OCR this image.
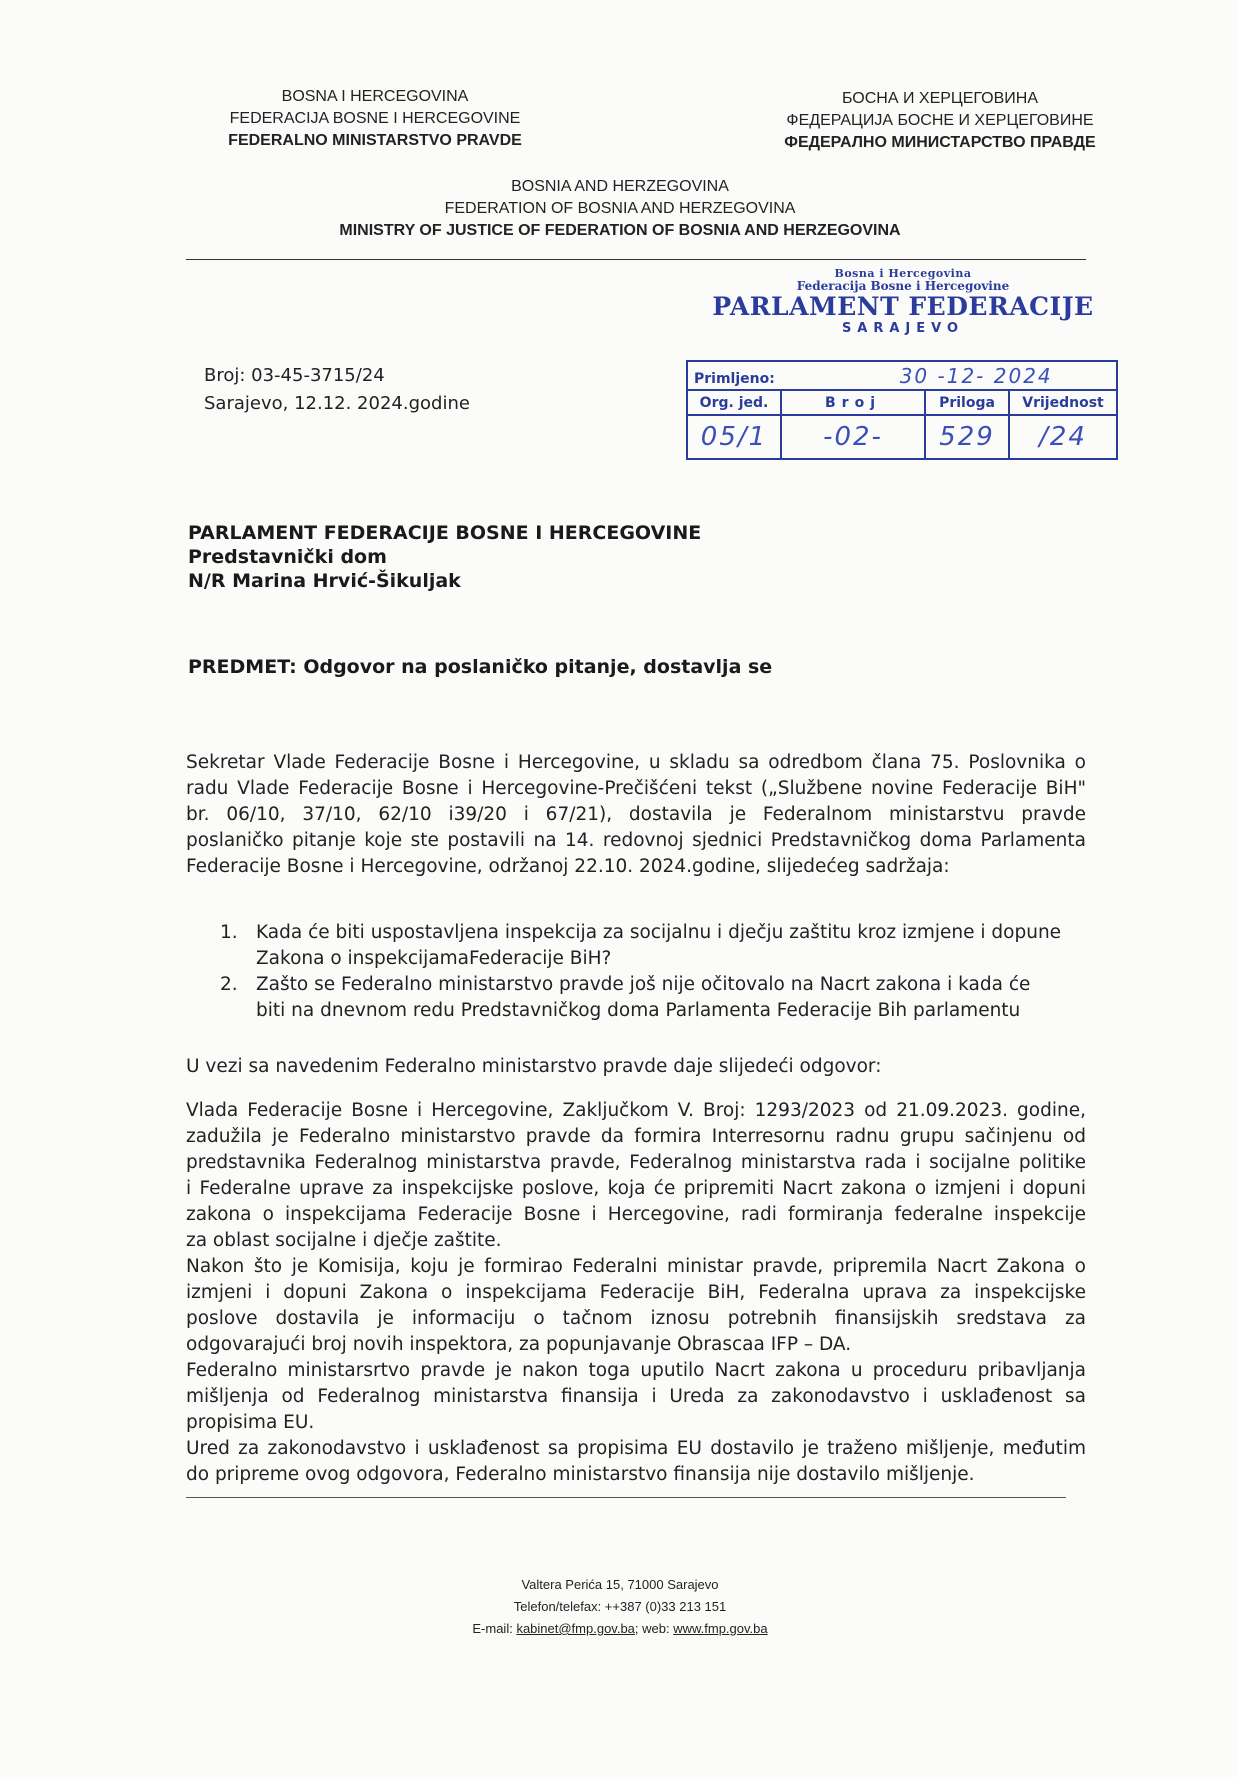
BOSNA I HERCEGOVINA
FEDERACIJA BOSNE I HERCEGOVINE
FEDERALNO MINISTARSTVO PRAVDE
БОСНА И ХЕРЦЕГОВИНА
ФЕДЕРАЦИЈА БОСНЕ И ХЕРЦЕГОВИНЕ
ФЕДЕРАЛНО МИНИСТАРСТВО ПРАВДЕ
BOSNIA AND HERZEGOVINA
FEDERATION OF BOSNIA AND HERZEGOVINA
MINISTRY OF JUSTICE OF FEDERATION OF BOSNIA AND HERZEGOVINA
Broj: 03-45-3715/24
Sarajevo, 12.12. 2024.godine
Bosna i Hercegovina
Federacija Bosne i Hercegovine
PARLAMENT FEDERACIJE
SARAJEVO
Primljeno: 30 -12- 2024			
Org. jed.	Broj	Priloga	Vrijednost
05/1	-02-	529	/24
PARLAMENT FEDERACIJE BOSNE I HERCEGOVINE
Predstavnički dom
N/R Marina Hrvić-Šikuljak
PREDMET: Odgovor na poslaničko pitanje, dostavlja se
Sekretar Vlade Federacije Bosne i Hercegovine, u skladu sa odredbom člana 75. Poslovnika o
radu Vlade Federacije Bosne i Hercegovine-Prečišćeni tekst („Službene novine Federacije BiH"
br. 06/10, 37/10, 62/10 i39/20 i 67/21), dostavila je Federalnom ministarstvu pravde
poslaničko pitanje koje ste postavili na 14. redovnoj sjednici Predstavničkog doma Parlamenta
Federacije Bosne i Hercegovine, održanoj 22.10. 2024.godine, slijedećeg sadržaja:
1. Kada će biti uspostavljena inspekcija za socijalnu i dječju zaštitu kroz izmjene i dopune
Zakona o inspekcijamaFederacije BiH?
2. Zašto se Federalno ministarstvo pravde još nije očitovalo na Nacrt zakona i kada će
biti na dnevnom redu Predstavničkog doma Parlamenta Federacije Bih parlamentu
U vezi sa navedenim Federalno ministarstvo pravde daje slijedeći odgovor:
Vlada Federacije Bosne i Hercegovine, Zaključkom V. Broj: 1293/2023 od 21.09.2023. godine,
zadužila je Federalno ministarstvo pravde da formira Interresornu radnu grupu sačinjenu od
predstavnika Federalnog ministarstva pravde, Federalnog ministarstva rada i socijalne politike
i Federalne uprave za inspekcijske poslove, koja će pripremiti Nacrt zakona o izmjeni i dopuni
zakona o inspekcijama Federacije Bosne i Hercegovine, radi formiranja federalne inspekcije
za oblast socijalne i dječje zaštite.
Nakon što je Komisija, koju je formirao Federalni ministar pravde, pripremila Nacrt Zakona o
izmjeni i dopuni Zakona o inspekcijama Federacije BiH, Federalna uprava za inspekcijske
poslove dostavila je informaciju o tačnom iznosu potrebnih finansijskih sredstava za
odgovarajući broj novih inspektora, za popunjavanje Obrascaa IFP – DA.
Federalno ministarsrtvo pravde je nakon toga uputilo Nacrt zakona u proceduru pribavljanja
mišljenja od Federalnog ministarstva finansija i Ureda za zakonodavstvo i usklađenost sa
propisima EU.
Ured za zakonodavstvo i usklađenost sa propisima EU dostavilo je traženo mišljenje, međutim
do pripreme ovog odgovora, Federalno ministarstvo finansija nije dostavilo mišljenje.
Valtera Perića 15, 71000 Sarajevo
Telefon/telefax: ++387 (0)33 213 151
E-mail: kabinet@fmp.gov.ba; web: www.fmp.gov.ba
